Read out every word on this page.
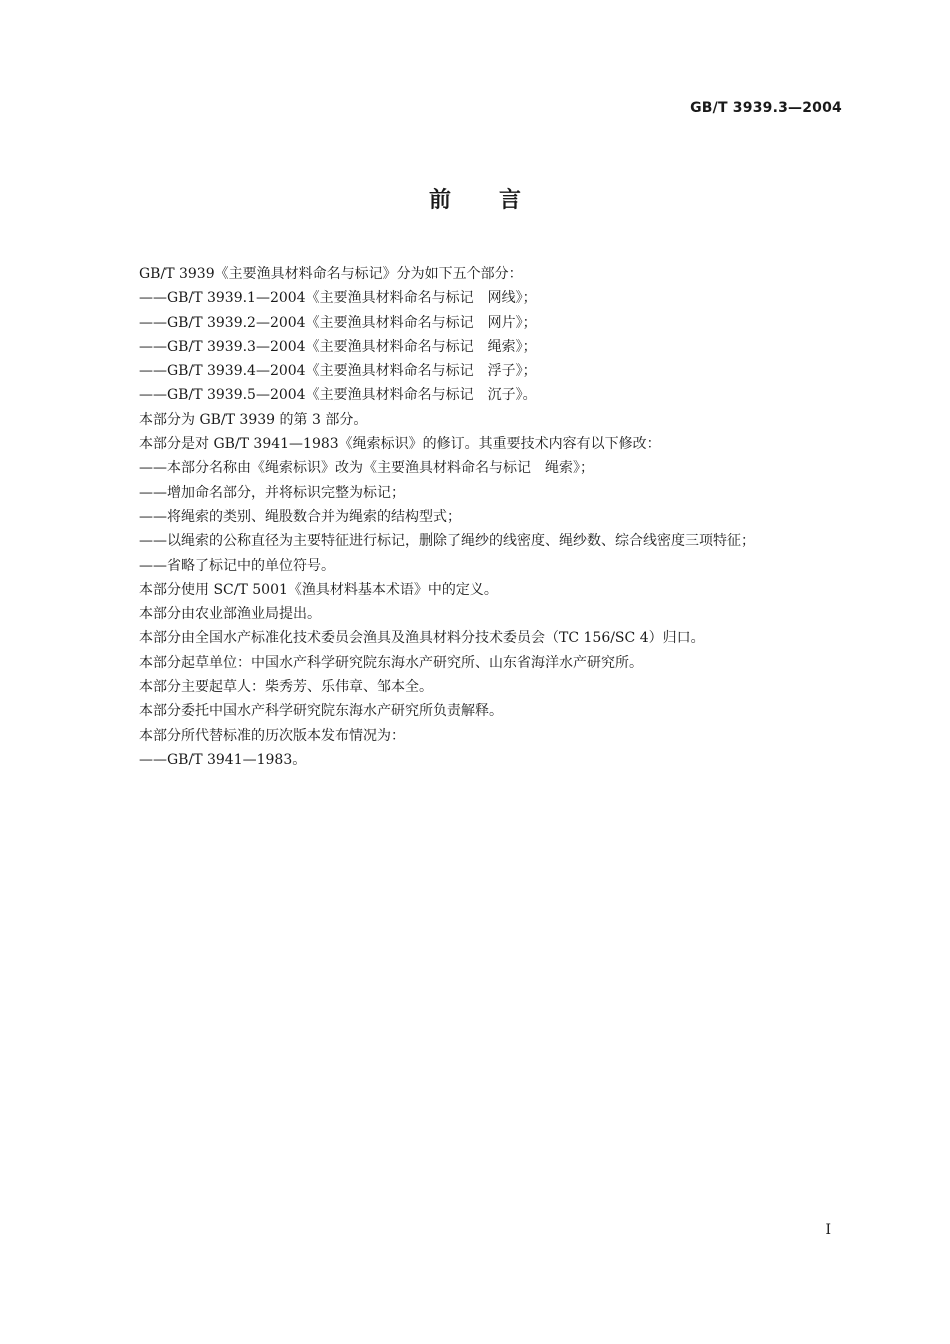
GB/T 3939.3—2004
前言
GB/T 3939《主要渔具材料命名与标记》分为如下五个部分：
——GB/T 3939.1—2004《主要渔具材料命名与标记　网线》；
——GB/T 3939.2—2004《主要渔具材料命名与标记　网片》；
——GB/T 3939.3—2004《主要渔具材料命名与标记　绳索》；
——GB/T 3939.4—2004《主要渔具材料命名与标记　浮子》；
——GB/T 3939.5—2004《主要渔具材料命名与标记　沉子》。
本部分为 GB/T 3939 的第 3 部分。
本部分是对 GB/T 3941—1983《绳索标识》的修订。其重要技术内容有以下修改：
——本部分名称由《绳索标识》改为《主要渔具材料命名与标记　绳索》；
——增加命名部分，并将标识完整为标记；
——将绳索的类别、绳股数合并为绳索的结构型式；
——以绳索的公称直径为主要特征进行标记，删除了绳纱的线密度、绳纱数、综合线密度三项特征；
——省略了标记中的单位符号。
本部分使用 SC/T 5001《渔具材料基本术语》中的定义。
本部分由农业部渔业局提出。
本部分由全国水产标准化技术委员会渔具及渔具材料分技术委员会（TC 156/SC 4）归口。
本部分起草单位：中国水产科学研究院东海水产研究所、山东省海洋水产研究所。
本部分主要起草人：柴秀芳、乐伟章、邹本全。
本部分委托中国水产科学研究院东海水产研究所负责解释。
本部分所代替标准的历次版本发布情况为：
——GB/T 3941—1983。
I
